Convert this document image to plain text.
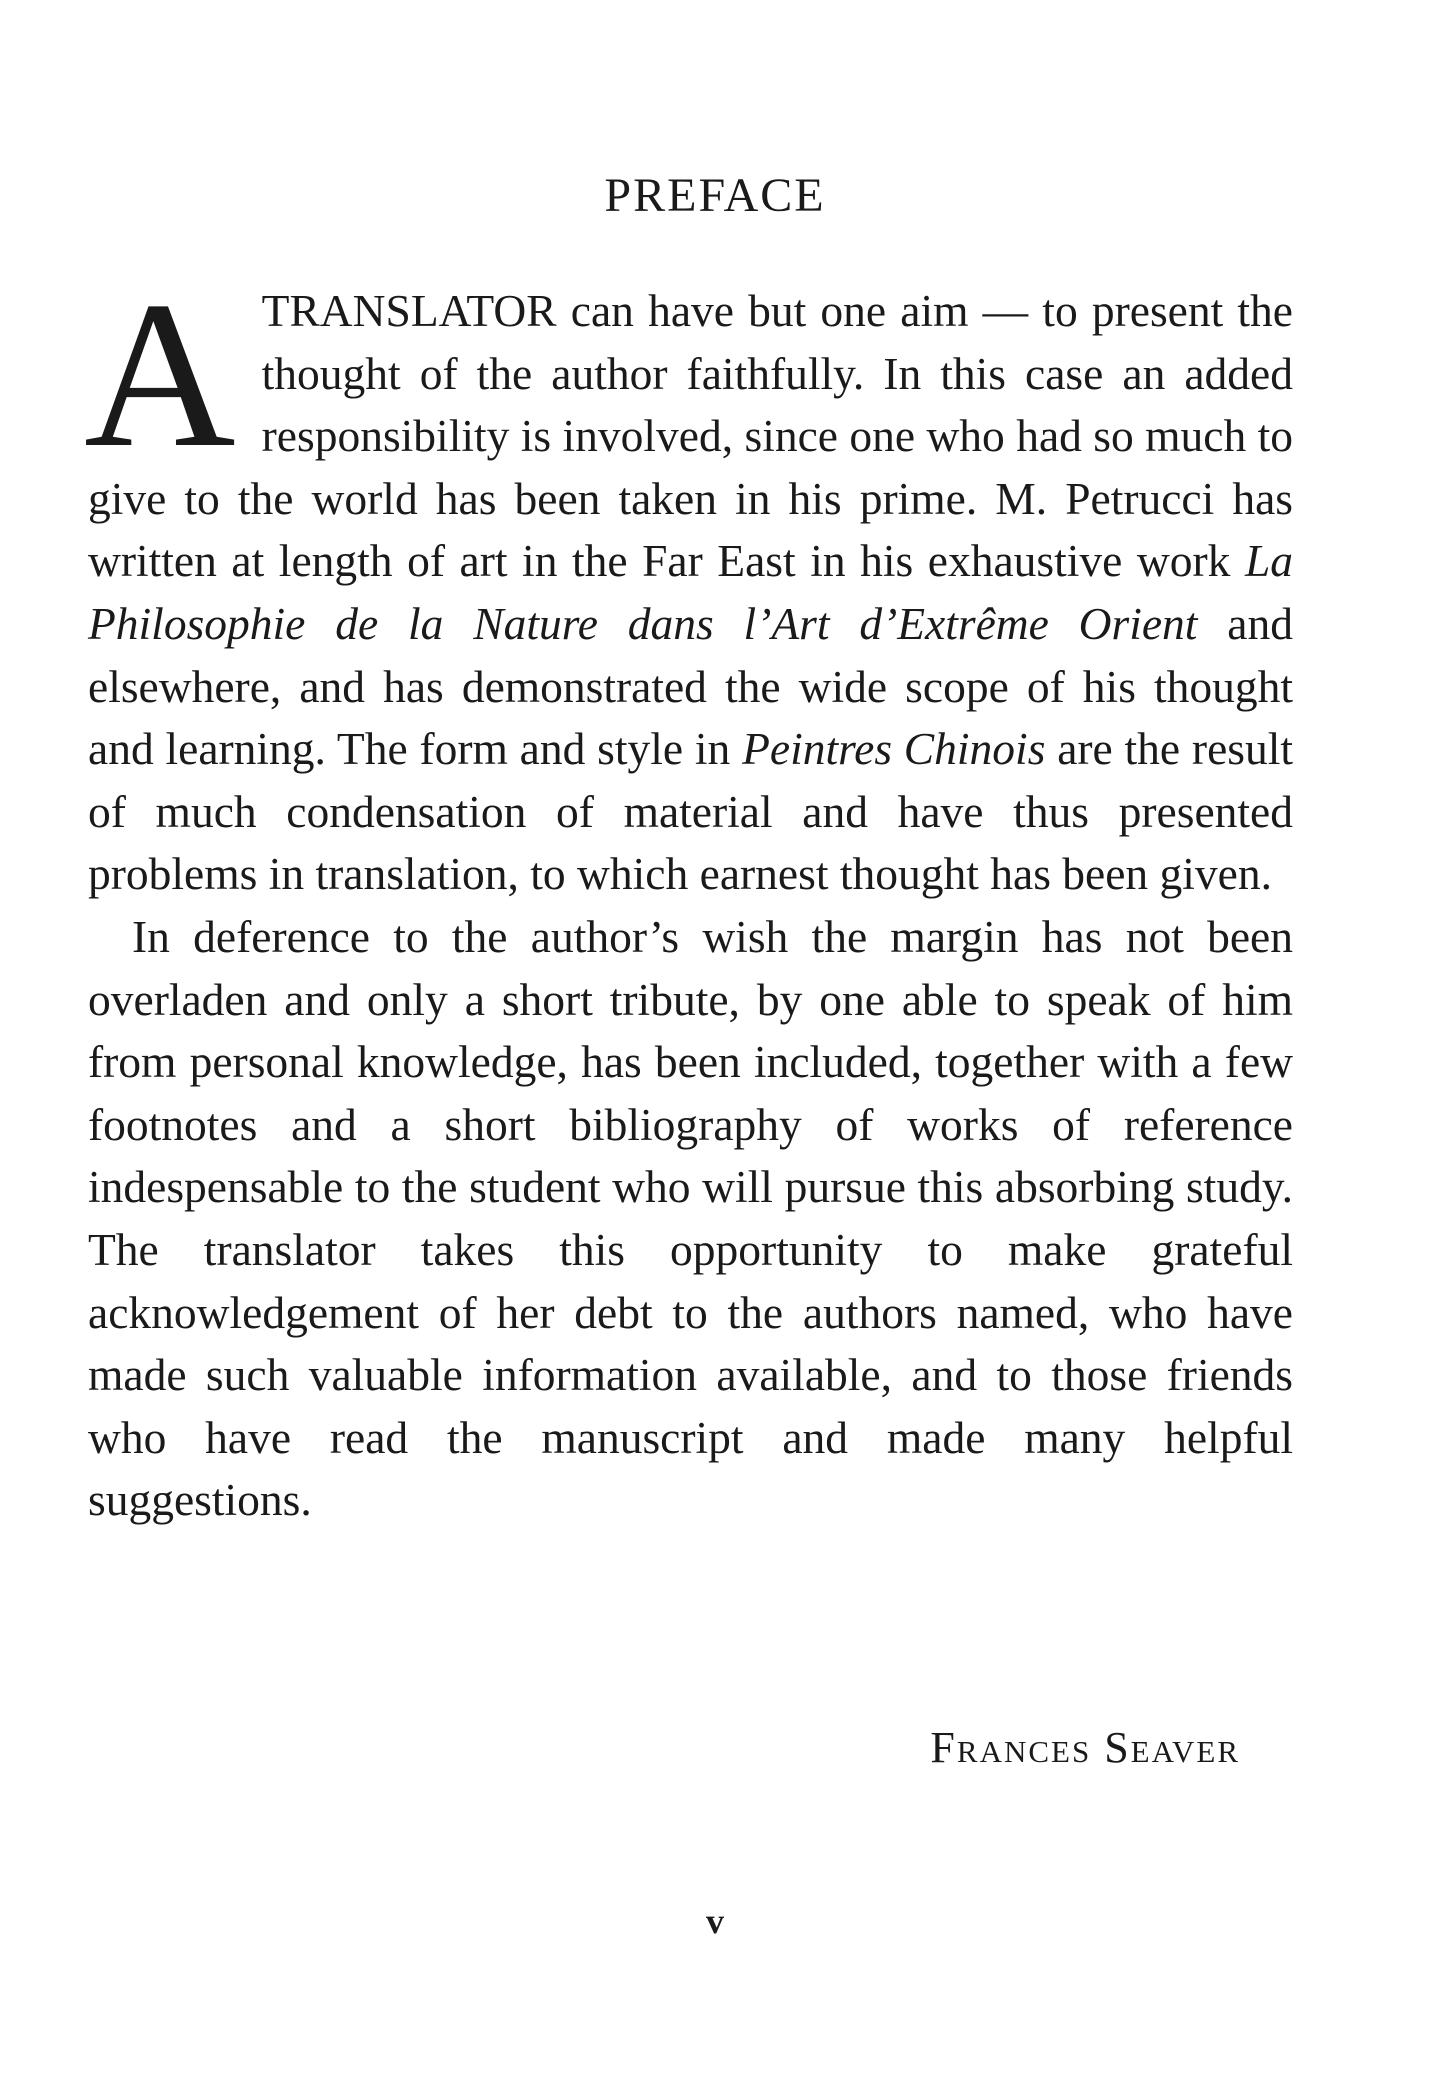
PREFACE

A TRANSLATOR can have but one aim — to present the thought of the author faithfully. In this case an added responsibility is involved, since one who had so much to give to the world has been taken in his prime. M. Petrucci has written at length of art in the Far East in his exhaustive work La Philosophie de la Nature dans l’Art d’Extrême Orient and elsewhere, and has demonstrated the wide scope of his thought and learning. The form and style in Peintres Chinois are the result of much condensation of material and have thus presented problems in translation, to which earnest thought has been given.

In deference to the author’s wish the margin has not been overladen and only a short tribute, by one able to speak of him from personal knowledge, has been included, together with a few footnotes and a short bibliography of works of reference indespensable to the student who will pursue this absorbing study. The translator takes this opportunity to make grateful acknowledgement of her debt to the authors named, who have made such valuable information available, and to those friends who have read the manuscript and made many helpful suggestions.

Frances Seaver
v
